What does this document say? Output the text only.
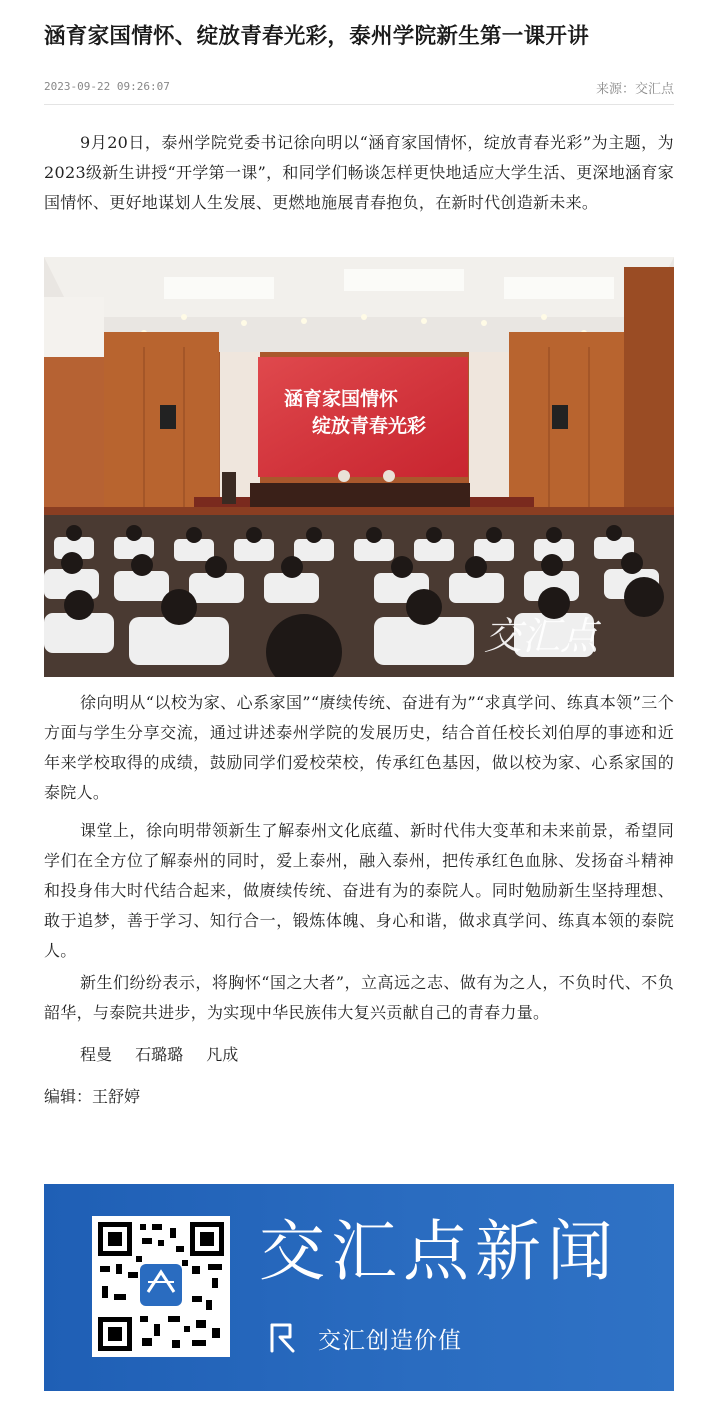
涵育家国情怀、绽放青春光彩，泰州学院新生第一课开讲
2023-09-22 09:26:07	来源：交汇点

9月20日，泰州学院党委书记徐向明以“涵育家国情怀，绽放青春光彩”为主题，为2023级新生讲授“开学第一课”，和同学们畅谈怎样更快地适应大学生活、更深地涵育家国情怀、更好地谋划人生发展、更燃地施展青春抱负，在新时代创造新未来。

涵育家国情怀
绽放青春光彩
交汇点

徐向明从“以校为家、心系家国”“赓续传统、奋进有为”“求真学问、练真本领”三个方面与学生分享交流，通过讲述泰州学院的发展历史，结合首任校长刘伯厚的事迹和近年来学校取得的成绩，鼓励同学们爱校荣校，传承红色基因，做以校为家、心系家国的泰院人。

课堂上，徐向明带领新生了解泰州文化底蕴、新时代伟大变革和未来前景，希望同学们在全方位了解泰州的同时，爱上泰州，融入泰州，把传承红色血脉、发扬奋斗精神和投身伟大时代结合起来，做赓续传统、奋进有为的泰院人。同时勉励新生坚持理想、敢于追梦，善于学习、知行合一，锻炼体魄、身心和谐，做求真学问、练真本领的泰院人。

新生们纷纷表示，将胸怀“国之大者”，立高远之志、做有为之人，不负时代、不负韶华，与泰院共进步，为实现中华民族伟大复兴贡献自己的青春力量。

程曼 石璐璐 凡成
编辑：王舒婷
交汇点新闻
交汇创造价值
